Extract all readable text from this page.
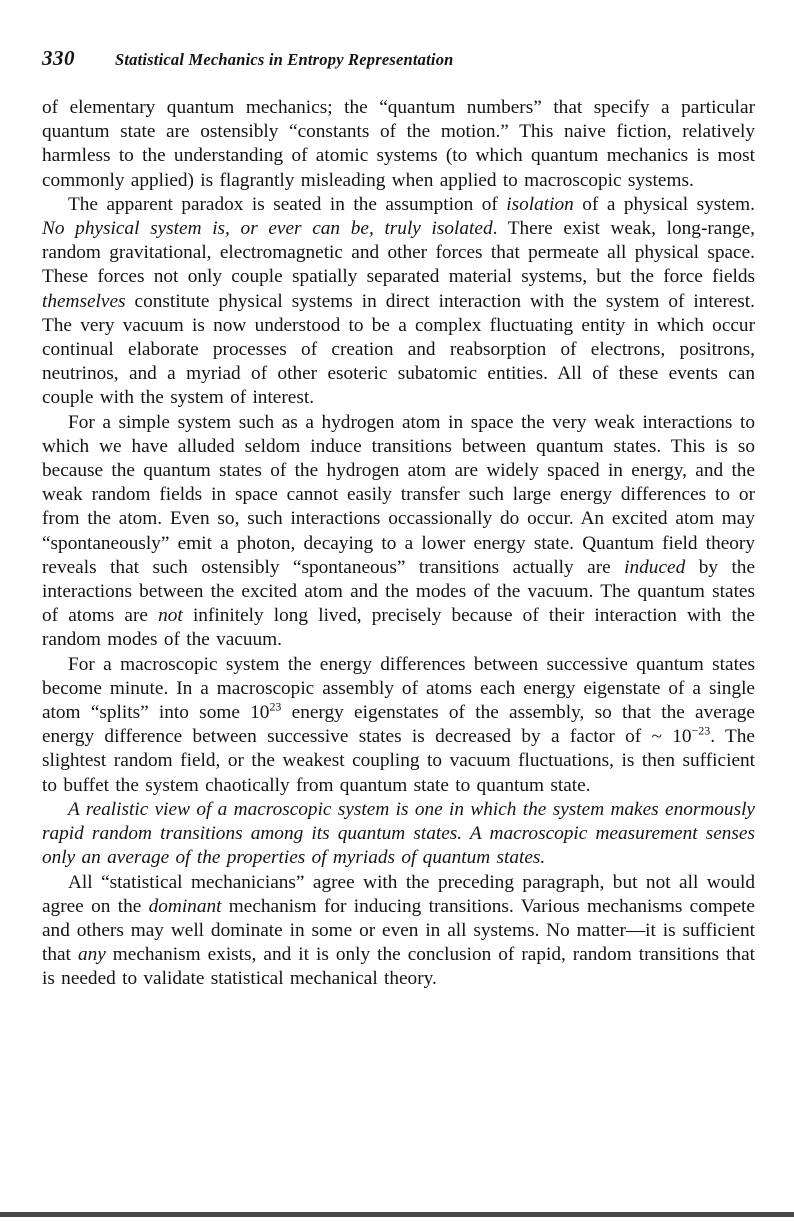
330 Statistical Mechanics in Entropy Representation

of elementary quantum mechanics; the “quantum numbers” that specify a particular quantum state are ostensibly “constants of the motion.” This naive fiction, relatively harmless to the understanding of atomic systems (to which quantum mechanics is most commonly applied) is flagrantly misleading when applied to macroscopic systems.

The apparent paradox is seated in the assumption of isolation of a physical system. No physical system is, or ever can be, truly isolated. There exist weak, long-range, random gravitational, electromagnetic and other forces that permeate all physical space. These forces not only couple spatially separated material systems, but the force fields themselves constitute physical systems in direct interaction with the system of interest. The very vacuum is now understood to be a complex fluctuating entity in which occur continual elaborate processes of creation and reabsorption of electrons, positrons, neutrinos, and a myriad of other esoteric subatomic entities. All of these events can couple with the system of interest.

For a simple system such as a hydrogen atom in space the very weak interactions to which we have alluded seldom induce transitions between quantum states. This is so because the quantum states of the hydrogen atom are widely spaced in energy, and the weak random fields in space cannot easily transfer such large energy differences to or from the atom. Even so, such interactions occassionally do occur. An excited atom may “spontaneously” emit a photon, decaying to a lower energy state. Quantum field theory reveals that such ostensibly “spontaneous” transitions actually are induced by the interactions between the excited atom and the modes of the vacuum. The quantum states of atoms are not infinitely long lived, precisely because of their interaction with the random modes of the vacuum.

For a macroscopic system the energy differences between successive quantum states become minute. In a macroscopic assembly of atoms each energy eigenstate of a single atom “splits” into some $10^{23}$ energy eigenstates of the assembly, so that the average energy difference between successive states is decreased by a factor of ~ $10^{-23}$. The slightest random field, or the weakest coupling to vacuum fluctuations, is then sufficient to buffet the system chaotically from quantum state to quantum state.

A realistic view of a macroscopic system is one in which the system makes enormously rapid random transitions among its quantum states. A macroscopic measurement senses only an average of the properties of myriads of quantum states.

All “statistical mechanicians” agree with the preceding paragraph, but not all would agree on the dominant mechanism for inducing transitions. Various mechanisms compete and others may well dominate in some or even in all systems. No matter—it is sufficient that any mechanism exists, and it is only the conclusion of rapid, random transitions that is needed to validate statistical mechanical theory.
